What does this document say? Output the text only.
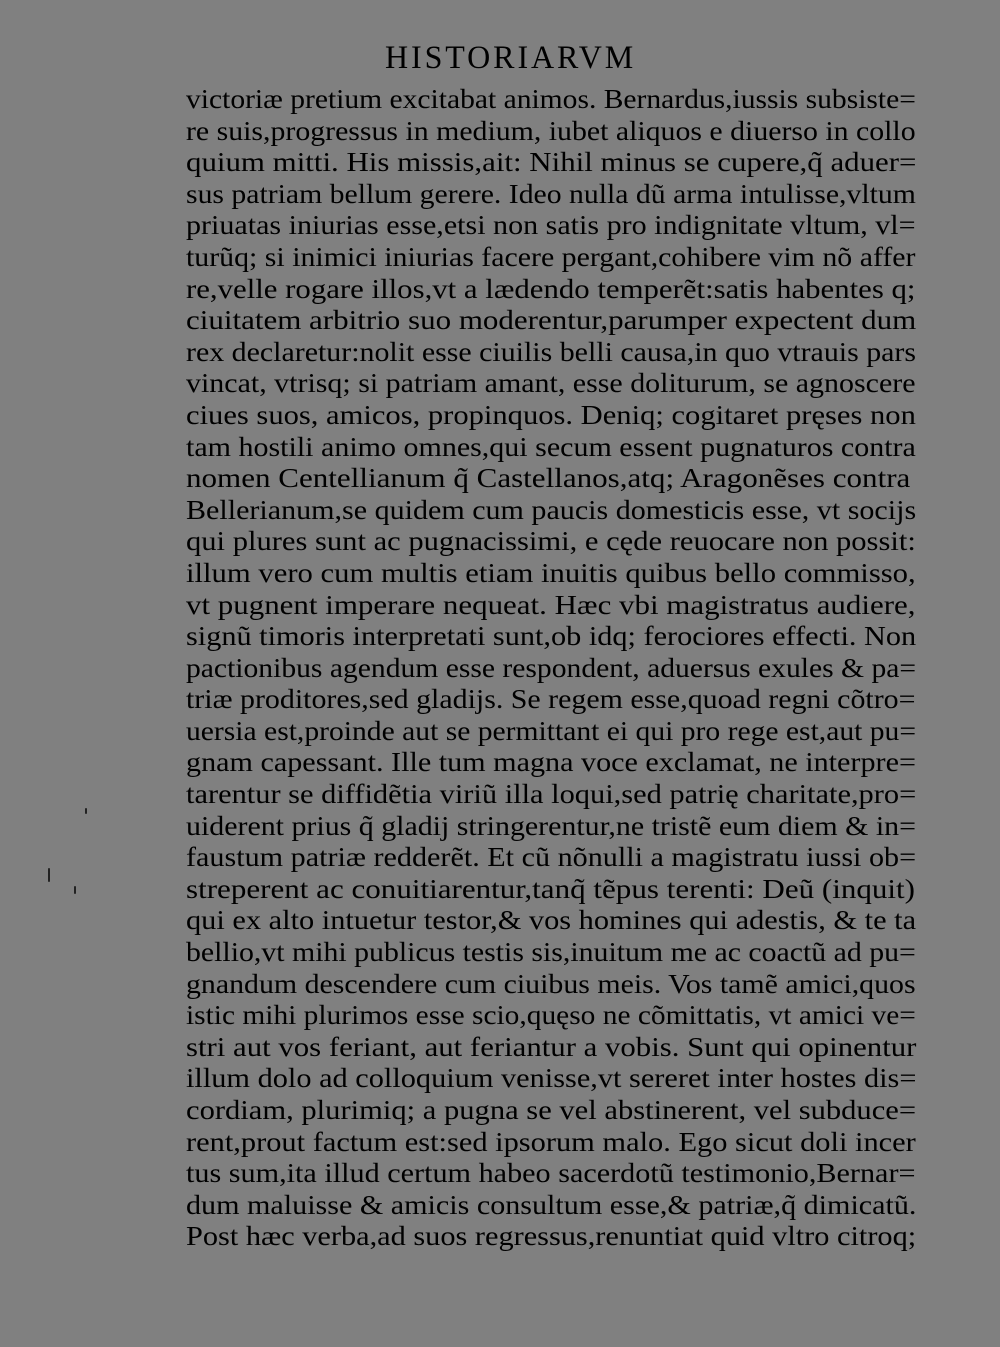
HISTORIARVM
victoriæ pretium excitabat animos. Bernardus,iussis subsiste=
re suis,progressus in medium, iubet aliquos e diuerso in collo
quium mitti. His missis,ait: Nihil minus se cupere,q̃ aduer=
sus patriam bellum gerere. Ideo nulla dũ arma intulisse,vltum
priuatas iniurias esse,etsi non satis pro indignitate vltum, vl=
turũq; si inimici iniurias facere pergant,cohibere vim nõ affer
re,velle rogare illos,vt a lædendo temperẽt:satis habentes q;
ciuitatem arbitrio suo moderentur,parumper expectent dum
rex declaretur:nolit esse ciuilis belli causa,in quo vtrauis pars
vincat, vtrisq; si patriam amant, esse doliturum, se agnoscere
ciues suos, amicos, propinquos. Deniq; cogitaret pręses non
tam hostili animo omnes,qui secum essent pugnaturos contra
nomen Centellianum q̃ Castellanos,atq; Aragonẽses contra
Bellerianum,se quidem cum paucis domesticis esse, vt socijs
qui plures sunt ac pugnacissimi, e cęde reuocare non possit:
illum vero cum multis etiam inuitis quibus bello commisso,
vt pugnent imperare nequeat. Hæc vbi magistratus audiere,
signũ timoris interpretati sunt,ob idq; ferociores effecti. Non
pactionibus agendum esse respondent, aduersus exules & pa=
triæ proditores,sed gladijs. Se regem esse,quoad regni cõtro=
uersia est,proinde aut se permittant ei qui pro rege est,aut pu=
gnam capessant. Ille tum magna voce exclamat, ne interpre=
tarentur se diffidẽtia viriũ illa loqui,sed patrię charitate,pro=
uiderent prius q̃ gladij stringerentur,ne tristẽ eum diem & in=
faustum patriæ redderẽt. Et cũ nõnulli a magistratu iussi ob=
streperent ac conuitiarentur,tanq̃ tẽpus terenti: Deũ (inquit)
qui ex alto intuetur testor,& vos homines qui adestis, & te ta
bellio,vt mihi publicus testis sis,inuitum me ac coactũ ad pu=
gnandum descendere cum ciuibus meis. Vos tamẽ amici,quos
istic mihi plurimos esse scio,quęso ne cõmittatis, vt amici ve=
stri aut vos feriant, aut feriantur a vobis. Sunt qui opinentur
illum dolo ad colloquium venisse,vt sereret inter hostes dis=
cordiam, plurimiq; a pugna se vel abstinerent, vel subduce=
rent,prout factum est:sed ipsorum malo. Ego sicut doli incer
tus sum,ita illud certum habeo sacerdotũ testimonio,Bernar=
dum maluisse & amicis consultum esse,& patriæ,q̃ dimicatũ.
Post hæc verba,ad suos regressus,renuntiat quid vltro citroq;
